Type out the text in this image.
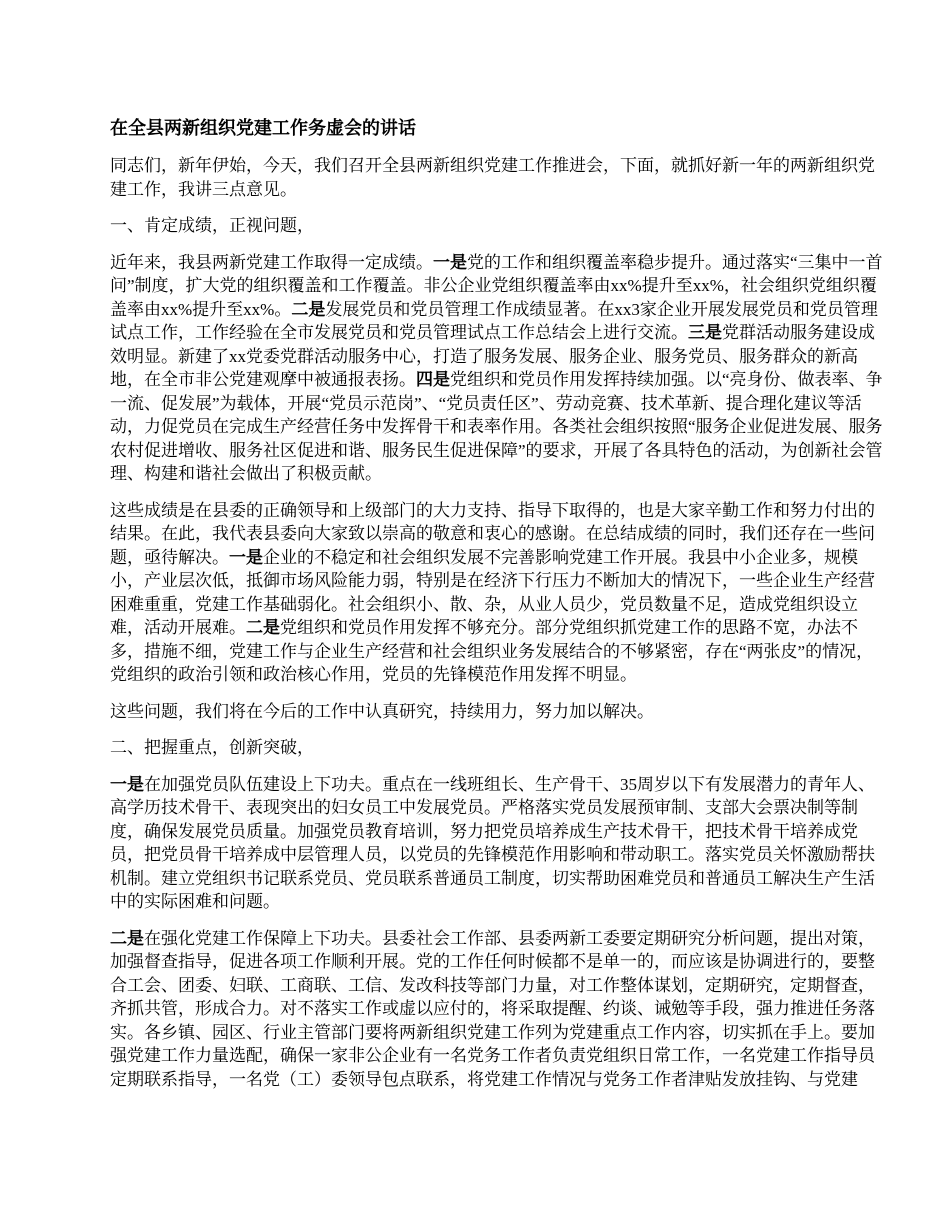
在全县两新组织党建工作务虚会的讲话

同志们，新年伊始，今天，我们召开全县两新组织党建工作推进会，下面，就抓好新一年的两新组织党建工作，我讲三点意见。

一、肯定成绩，正视问题，

近年来，我县两新党建工作取得一定成绩。一是党的工作和组织覆盖率稳步提升。通过落实“三集中一首问”制度，扩大党的组织覆盖和工作覆盖。非公企业党组织覆盖率由xx%提升至xx%，社会组织党组织覆盖率由xx%提升至xx%。二是发展党员和党员管理工作成绩显著。在xx3家企业开展发展党员和党员管理试点工作，工作经验在全市发展党员和党员管理试点工作总结会上进行交流。三是党群活动服务建设成效明显。新建了xx党委党群活动服务中心，打造了服务发展、服务企业、服务党员、服务群众的新高地，在全市非公党建观摩中被通报表扬。四是党组织和党员作用发挥持续加强。以“亮身份、做表率、争一流、促发展”为载体，开展“党员示范岗”、“党员责任区”、劳动竞赛、技术革新、提合理化建议等活动，力促党员在完成生产经营任务中发挥骨干和表率作用。各类社会组织按照“服务企业促进发展、服务农村促进增收、服务社区促进和谐、服务民生促进保障”的要求，开展了各具特色的活动，为创新社会管理、构建和谐社会做出了积极贡献。

这些成绩是在县委的正确领导和上级部门的大力支持、指导下取得的，也是大家辛勤工作和努力付出的结果。在此，我代表县委向大家致以崇高的敬意和衷心的感谢。在总结成绩的同时，我们还存在一些问题，亟待解决。一是企业的不稳定和社会组织发展不完善影响党建工作开展。我县中小企业多，规模小，产业层次低，抵御市场风险能力弱，特别是在经济下行压力不断加大的情况下，一些企业生产经营困难重重，党建工作基础弱化。社会组织小、散、杂，从业人员少，党员数量不足，造成党组织设立难，活动开展难。二是党组织和党员作用发挥不够充分。部分党组织抓党建工作的思路不宽，办法不多，措施不细，党建工作与企业生产经营和社会组织业务发展结合的不够紧密，存在“两张皮”的情况，党组织的政治引领和政治核心作用，党员的先锋模范作用发挥不明显。

这些问题，我们将在今后的工作中认真研究，持续用力，努力加以解决。

二、把握重点，创新突破，

一是在加强党员队伍建设上下功夫。重点在一线班组长、生产骨干、35周岁以下有发展潜力的青年人、高学历技术骨干、表现突出的妇女员工中发展党员。严格落实党员发展预审制、支部大会票决制等制度，确保发展党员质量。加强党员教育培训，努力把党员培养成生产技术骨干，把技术骨干培养成党员，把党员骨干培养成中层管理人员，以党员的先锋模范作用影响和带动职工。落实党员关怀激励帮扶机制。建立党组织书记联系党员、党员联系普通员工制度，切实帮助困难党员和普通员工解决生产生活中的实际困难和问题。

二是在强化党建工作保障上下功夫。县委社会工作部、县委两新工委要定期研究分析问题，提出对策，加强督查指导，促进各项工作顺利开展。党的工作任何时候都不是单一的，而应该是协调进行的，要整合工会、团委、妇联、工商联、工信、发改科技等部门力量，对工作整体谋划，定期研究，定期督查，齐抓共管，形成合力。对不落实工作或虚以应付的，将采取提醒、约谈、诫勉等手段，强力推进任务落实。各乡镇、园区、行业主管部门要将两新组织党建工作列为党建重点工作内容，切实抓在手上。要加强党建工作力量选配，确保一家非公企业有一名党务工作者负责党组织日常工作，一名党建工作指导员定期联系指导，一名党（工）委领导包点联系，将党建工作情况与党务工作者津贴发放挂钩、与党建
